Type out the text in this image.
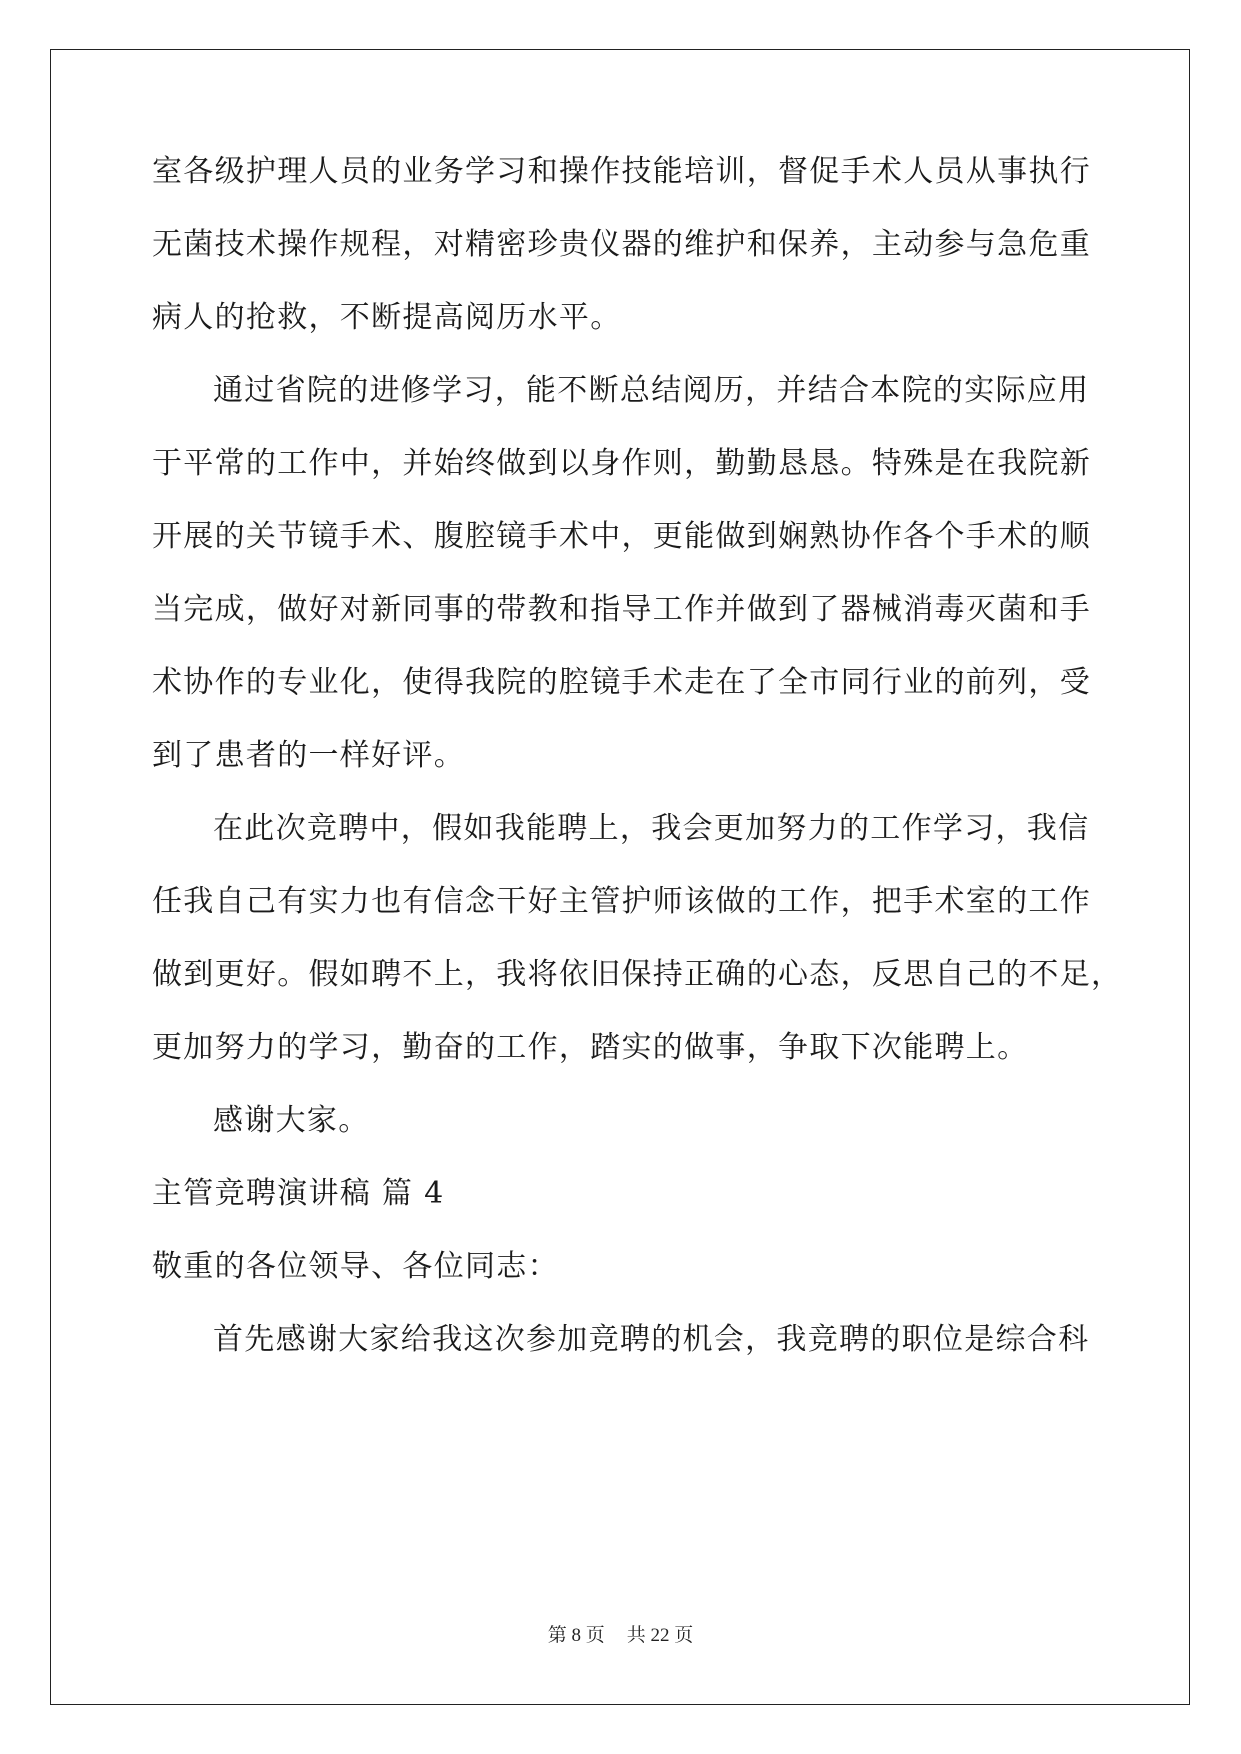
室各级护理人员的业务学习和操作技能培训，督促手术人员从事执行
无菌技术操作规程，对精密珍贵仪器的维护和保养，主动参与急危重
病人的抢救，不断提高阅历水平。
通过省院的进修学习，能不断总结阅历，并结合本院的实际应用
于平常的工作中，并始终做到以身作则，勤勤恳恳。特殊是在我院新
开展的关节镜手术、腹腔镜手术中，更能做到娴熟协作各个手术的顺
当完成，做好对新同事的带教和指导工作并做到了器械消毒灭菌和手
术协作的专业化，使得我院的腔镜手术走在了全市同行业的前列，受
到了患者的一样好评。
在此次竞聘中，假如我能聘上，我会更加努力的工作学习，我信
任我自己有实力也有信念干好主管护师该做的工作，把手术室的工作
做到更好。假如聘不上，我将依旧保持正确的心态，反思自己的不足，
更加努力的学习，勤奋的工作，踏实的做事，争取下次能聘上。
感谢大家。
主管竞聘演讲稿 篇 4
敬重的各位领导、各位同志：
首先感谢大家给我这次参加竞聘的机会，我竞聘的职位是综合科
第 8 页 共 22 页
